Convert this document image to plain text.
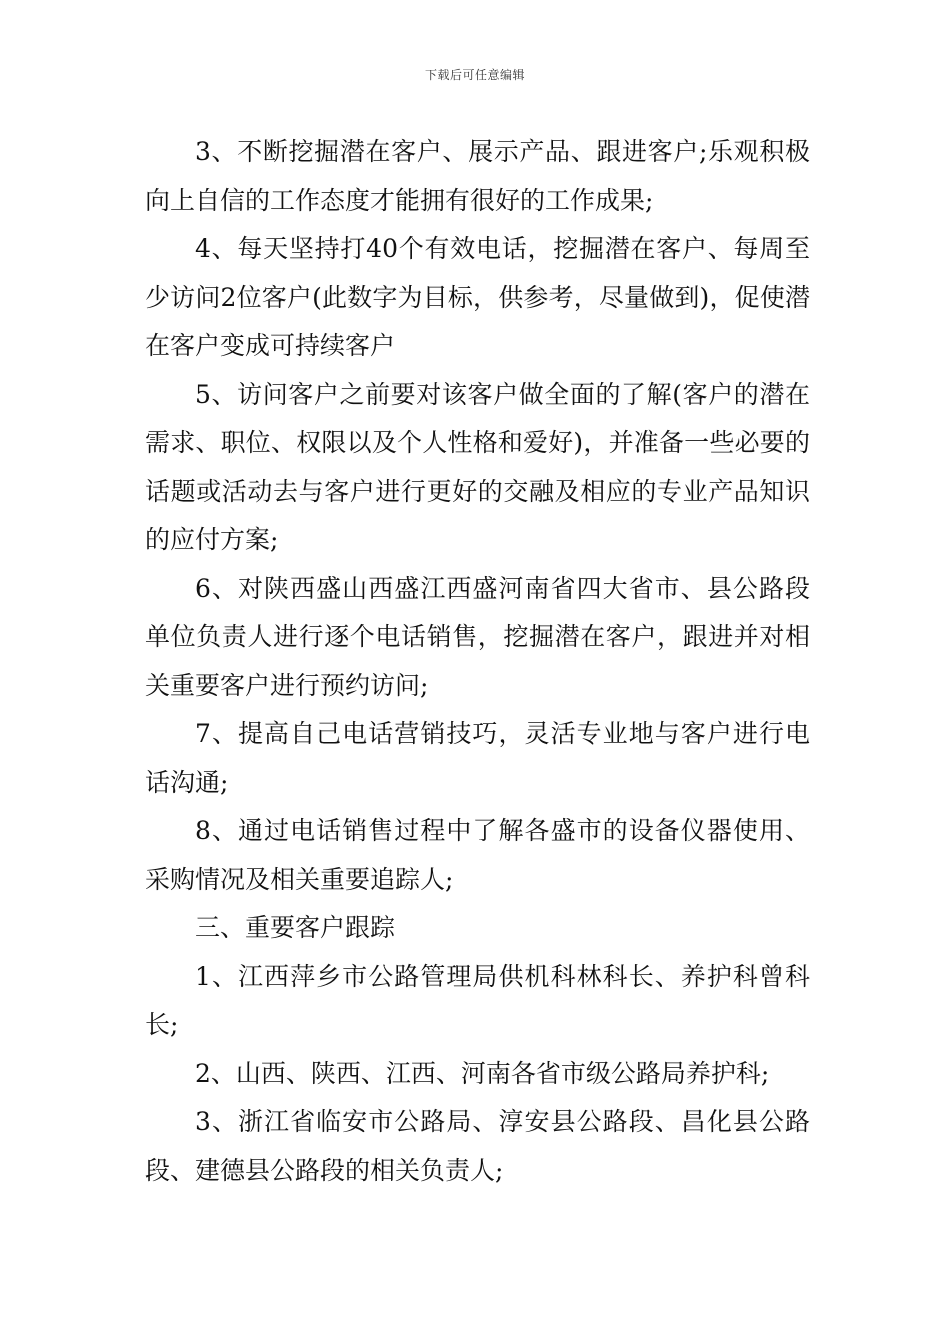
下载后可任意编辑

3、不断挖掘潜在客户、展示产品、跟进客户;乐观积极向上自信的工作态度才能拥有很好的工作成果;

4、每天坚持打40个有效电话，挖掘潜在客户、每周至少访问2位客户(此数字为目标，供参考，尽量做到)，促使潜在客户变成可持续客户

5、访问客户之前要对该客户做全面的了解(客户的潜在需求、职位、权限以及个人性格和爱好)，并准备一些必要的话题或活动去与客户进行更好的交融及相应的专业产品知识的应付方案;

6、对陕西盛山西盛江西盛河南省四大省市、县公路段单位负责人进行逐个电话销售，挖掘潜在客户，跟进并对相关重要客户进行预约访问;

7、提高自己电话营销技巧，灵活专业地与客户进行电话沟通;

8、通过电话销售过程中了解各盛市的设备仪器使用、采购情况及相关重要追踪人;

三、重要客户跟踪

1、江西萍乡市公路管理局供机科林科长、养护科曾科长;

2、山西、陕西、江西、河南各省市级公路局养护科;

3、浙江省临安市公路局、淳安县公路段、昌化县公路段、建德县公路段的相关负责人;
